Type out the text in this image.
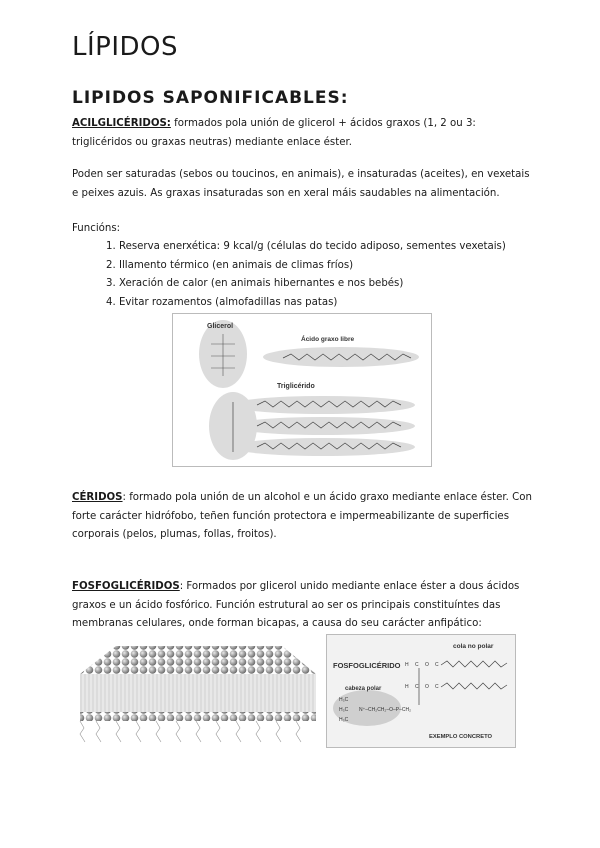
LÍPIDOS
LIPIDOS SAPONIFICABLES:

ACILGLICÉRIDOS: formados pola unión de glicerol + ácidos graxos (1, 2 ou 3:
triglicéridos ou graxas neutras) mediante enlace éster.

Poden ser saturadas (sebos ou toucinos, en animais), e insaturadas (aceites), en vexetais
e peixes azuis. As graxas insaturadas son en xeral máis saudables na alimentación.

Funcións:

1. Reserva enerxética: 9 kcal/g (células do tecido adiposo, sementes vexetais)
2. Illamento térmico (en animais de climas fríos)
3. Xeración de calor (en animais hibernantes e nos bebés)
4. Evitar rozamentos (almofadillas nas patas)
Glicerol
Ácido graxo libre
Triglicérido

CÉRIDOS: formado pola unión de un alcohol e un ácido graxo mediante enlace éster. Con
forte carácter hidrófobo, teñen función protectora e impermeabilizante de superficies
corporais (pelos, plumas, follas, froitos).

FOSFOGLICÉRIDOS: Formados por glicerol unido mediante enlace éster a dous ácidos
graxos e un ácido fosfórico. Función estrutural ao ser os principais constituíntes das
membranas celulares, onde forman bicapas, a causa do seu carácter anfipático:

cola no polar
FOSFOGLICÉRIDO
cabeza polar
H C O C
H C O C
H₃C
H₃C
H₃C
N⁺–CH₂CH₂–O–P–CH₂
EXEMPLO CONCRETO
